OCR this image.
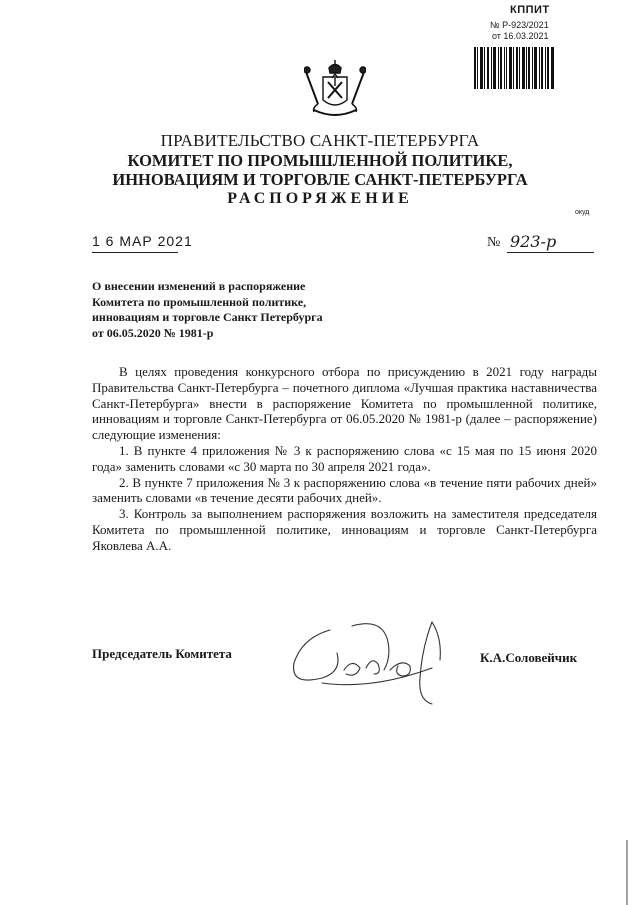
КППИТ
№ Р-923/2021
от 16.03.2021
ПРАВИТЕЛЬСТВО САНКТ-ПЕТЕРБУРГА
КОМИТЕТ ПО ПРОМЫШЛЕННОЙ ПОЛИТИКЕ,
ИННОВАЦИЯМ И ТОРГОВЛЕ САНКТ-ПЕТЕРБУРГА
РАСПОРЯЖЕНИЕ
окуд
1 6 МАР 2021	№ 923-р
О внесении изменений в распоряжение
Комитета по промышленной политике,
инновациям и торговле Санкт Петербурга
от 06.05.2020 № 1981-р

В целях проведения конкурсного отбора по присуждению в 2021 году награды Правительства Санкт-Петербурга – почетного диплома «Лучшая практика наставничества Санкт-Петербурга» внести в распоряжение Комитета по промышленной политике, инновациям и торговле Санкт-Петербурга от 06.05.2020 № 1981-р (далее – распоряжение) следующие изменения:

1. В пункте 4 приложения № 3 к распоряжению слова «с 15 мая по 15 июня 2020 года» заменить словами «с 30 марта по 30 апреля 2021 года».

2. В пункте 7 приложения № 3 к распоряжению слова «в течение пяти рабочих дней» заменить словами «в течение десяти рабочих дней».

3. Контроль за выполнением распоряжения возложить на заместителя председателя Комитета по промышленной политике, инновациям и торговле Санкт-Петербурга Яковлева А.А.

Председатель Комитета	К.А.Соловейчик
